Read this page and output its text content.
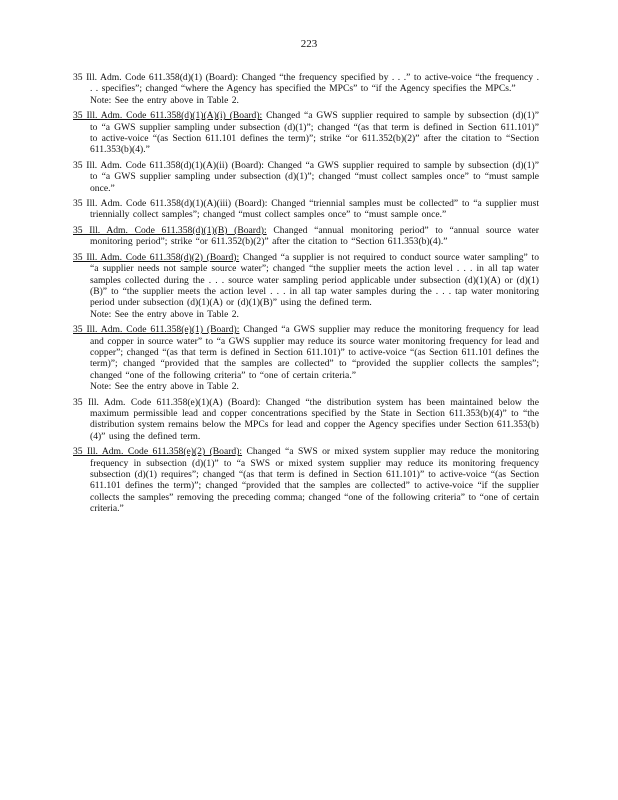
223

35 Ill. Adm. Code 611.358(d)(1) (Board): Changed “the frequency specified by . . .” to active-voice “the frequency . . . specifies”; changed “where the Agency has specified the MPCs” to “if the Agency specifies the MPCs.”

Note: See the entry above in Table 2.

35 Ill. Adm. Code 611.358(d)(1)(A)(i) (Board): Changed “a GWS supplier required to sample by subsection (d)(1)” to “a GWS supplier sampling under subsection (d)(1)”; changed “(as that term is defined in Section 611.101)” to active-voice “(as Section 611.101 defines the term)”; strike “or 611.352(b)(2)” after the citation to “Section 611.353(b)(4).”

35 Ill. Adm. Code 611.358(d)(1)(A)(ii) (Board): Changed “a GWS supplier required to sample by subsection (d)(1)” to “a GWS supplier sampling under subsection (d)(1)”; changed “must collect samples once” to “must sample once.”

35 Ill. Adm. Code 611.358(d)(1)(A)(iii) (Board): Changed “triennial samples must be collected” to “a supplier must triennially collect samples”; changed “must collect samples once” to “must sample once.”

35 Ill. Adm. Code 611.358(d)(1)(B) (Board): Changed “annual monitoring period” to “annual source water monitoring period”; strike “or 611.352(b)(2)” after the citation to “Section 611.353(b)(4).”

35 Ill. Adm. Code 611.358(d)(2) (Board): Changed “a supplier is not required to conduct source water sampling” to “a supplier needs not sample source water”; changed “the supplier meets the action level . . . in all tap water samples collected during the . . . source water sampling period applicable under subsection (d)(1)(A) or (d)(1)(B)” to “the supplier meets the action level . . . in all tap water samples during the . . . tap water monitoring period under subsection (d)(1)(A) or (d)(1)(B)” using the defined term.

Note: See the entry above in Table 2.

35 Ill. Adm. Code 611.358(e)(1) (Board): Changed “a GWS supplier may reduce the monitoring frequency for lead and copper in source water” to “a GWS supplier may reduce its source water monitoring frequency for lead and copper”; changed “(as that term is defined in Section 611.101)” to active-voice “(as Section 611.101 defines the term)”; changed “provided that the samples are collected” to “provided the supplier collects the samples”; changed “one of the following criteria” to “one of certain criteria.”

Note: See the entry above in Table 2.

35 Ill. Adm. Code 611.358(e)(1)(A) (Board): Changed “the distribution system has been maintained below the maximum permissible lead and copper concentrations specified by the State in Section 611.353(b)(4)” to “the distribution system remains below the MPCs for lead and copper the Agency specifies under Section 611.353(b)(4)” using the defined term.

35 Ill. Adm. Code 611.358(e)(2) (Board): Changed “a SWS or mixed system supplier may reduce the monitoring frequency in subsection (d)(1)” to “a SWS or mixed system supplier may reduce its monitoring frequency subsection (d)(1) requires”; changed “(as that term is defined in Section 611.101)” to active-voice “(as Section 611.101 defines the term)”; changed “provided that the samples are collected” to active-voice “if the supplier collects the samples” removing the preceding comma; changed “one of the following criteria” to “one of certain criteria.”
